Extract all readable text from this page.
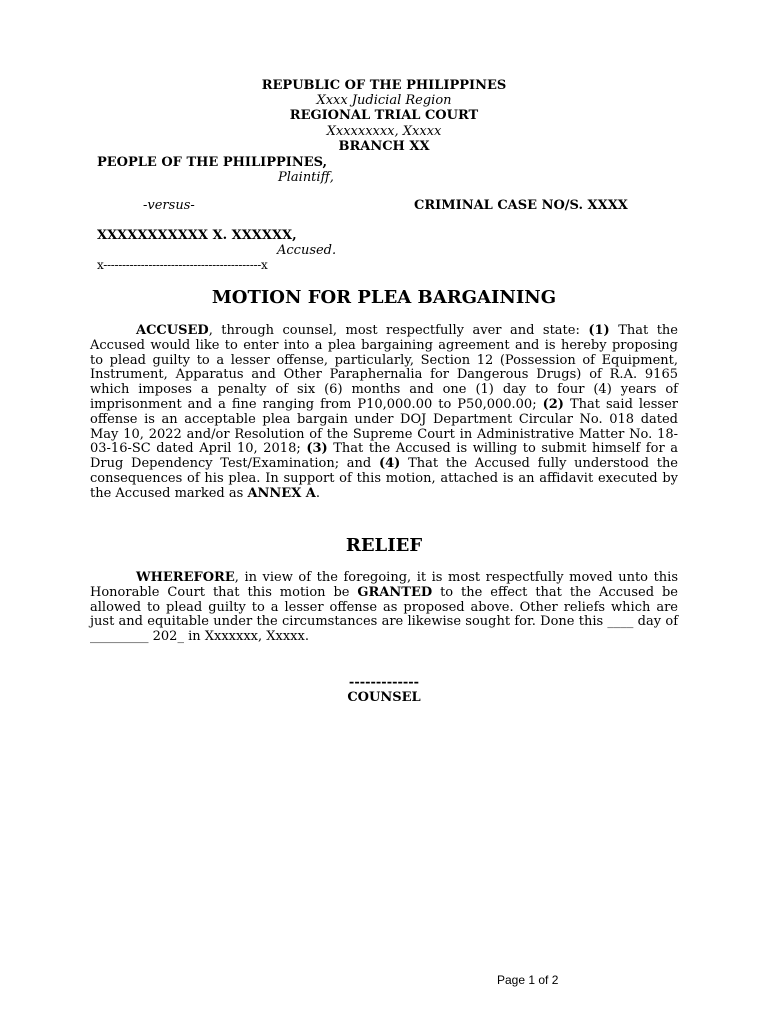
REPUBLIC OF THE PHILIPPINES
Xxxx Judicial Region
REGIONAL TRIAL COURT
Xxxxxxxxx, Xxxxx
BRANCH XX
PEOPLE OF THE PHILIPPINES,
Plaintiff,
-versus-	CRIMINAL CASE NO/S. XXXX
XXXXXXXXXXX X. XXXXXX,
Accused.
x------------------------------------------x
MOTION FOR PLEA BARGAINING
ACCUSED, through counsel, most respectfully aver and state: (1) That the Accused would like to enter into a plea bargaining agreement and is hereby proposing to plead guilty to a lesser offense, particularly, Section 12 (Possession of Equipment, Instrument, Apparatus and Other Paraphernalia for Dangerous Drugs) of R.A. 9165 which imposes a penalty of six (6) months and one (1) day to four (4) years of imprisonment and a fine ranging from P10,000.00 to P50,000.00; (2) That said lesser offense is an acceptable plea bargain under DOJ Department Circular No. 018 dated May 10, 2022 and/or Resolution of the Supreme Court in Administrative Matter No. 18-03-16-SC dated April 10, 2018; (3) That the Accused is willing to submit himself for a Drug Dependency Test/Examination; and (4) That the Accused fully understood the consequences of his plea. In support of this motion, attached is an affidavit executed by the Accused marked as ANNEX A.
RELIEF
WHEREFORE, in view of the foregoing, it is most respectfully moved unto this Honorable Court that this motion be GRANTED to the effect that the Accused be allowed to plead guilty to a lesser offense as proposed above. Other reliefs which are just and equitable under the circumstances are likewise sought for. Done this ____ day of _________ 202_ in Xxxxxxx, Xxxxx.
-------------
COUNSEL
Page 1 of 2
